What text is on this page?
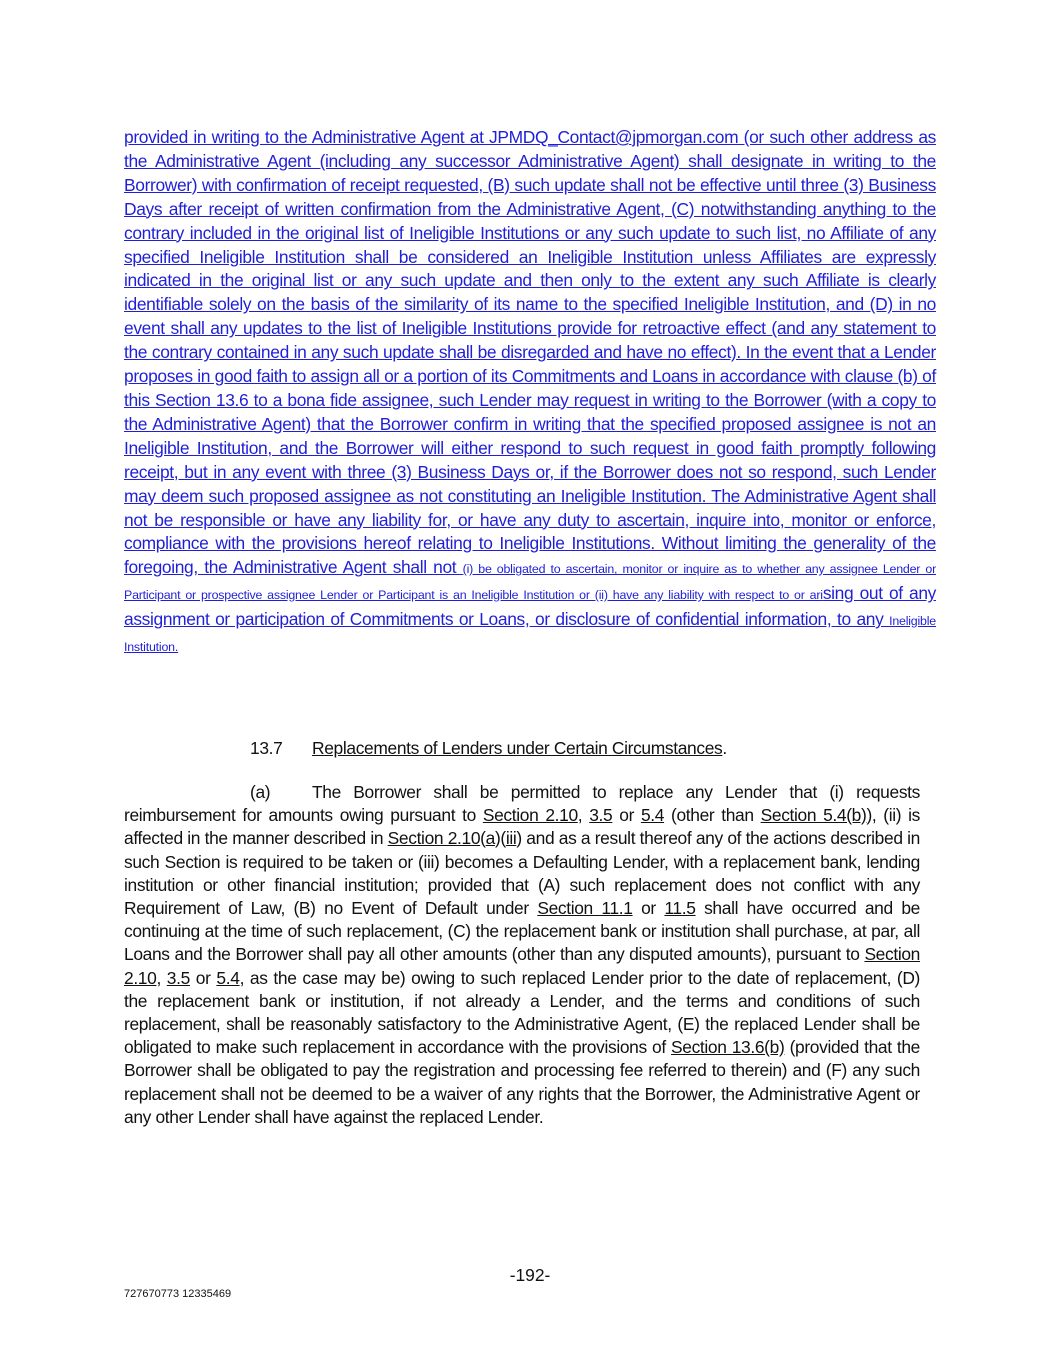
provided in writing to the Administrative Agent at JPMDQ_Contact@jpmorgan.com (or such other address as the Administrative Agent (including any successor Administrative Agent) shall designate in writing to the Borrower) with confirmation of receipt requested, (B) such update shall not be effective until three (3) Business Days after receipt of written confirmation from the Administrative Agent, (C) notwithstanding anything to the contrary included in the original list of Ineligible Institutions or any such update to such list, no Affiliate of any specified Ineligible Institution shall be considered an Ineligible Institution unless Affiliates are expressly indicated in the original list or any such update and then only to the extent any such Affiliate is clearly identifiable solely on the basis of the similarity of its name to the specified Ineligible Institution, and (D) in no event shall any updates to the list of Ineligible Institutions provide for retroactive effect (and any statement to the contrary contained in any such update shall be disregarded and have no effect). In the event that a Lender proposes in good faith to assign all or a portion of its Commitments and Loans in accordance with clause (b) of this Section 13.6 to a bona fide assignee, such Lender may request in writing to the Borrower (with a copy to the Administrative Agent) that the Borrower confirm in writing that the specified proposed assignee is not an Ineligible Institution, and the Borrower will either respond to such request in good faith promptly following receipt, but in any event with three (3) Business Days or, if the Borrower does not so respond, such Lender may deem such proposed assignee as not constituting an Ineligible Institution. The Administrative Agent shall not be responsible or have any liability for, or have any duty to ascertain, inquire into, monitor or enforce, compliance with the provisions hereof relating to Ineligible Institutions. Without limiting the generality of the foregoing, the Administrative Agent shall not (i) be obligated to ascertain, monitor or inquire as to whether any assignee Lender or Participant or prospective assignee Lender or Participant is an Ineligible Institution or (ii) have any liability with respect to or arising out of any assignment or participation of Commitments or Loans, or disclosure of confidential information, to any Ineligible Institution.
13.7 Replacements of Lenders under Certain Circumstances.
(a) The Borrower shall be permitted to replace any Lender that (i) requests reimbursement for amounts owing pursuant to Section 2.10, 3.5 or 5.4 (other than Section 5.4(b)), (ii) is affected in the manner described in Section 2.10(a)(iii) and as a result thereof any of the actions described in such Section is required to be taken or (iii) becomes a Defaulting Lender, with a replacement bank, lending institution or other financial institution; provided that (A) such replacement does not conflict with any Requirement of Law, (B) no Event of Default under Section 11.1 or 11.5 shall have occurred and be continuing at the time of such replacement, (C) the replacement bank or institution shall purchase, at par, all Loans and the Borrower shall pay all other amounts (other than any disputed amounts), pursuant to Section 2.10, 3.5 or 5.4, as the case may be) owing to such replaced Lender prior to the date of replacement, (D) the replacement bank or institution, if not already a Lender, and the terms and conditions of such replacement, shall be reasonably satisfactory to the Administrative Agent, (E) the replaced Lender shall be obligated to make such replacement in accordance with the provisions of Section 13.6(b) (provided that the Borrower shall be obligated to pay the registration and processing fee referred to therein) and (F) any such replacement shall not be deemed to be a waiver of any rights that the Borrower, the Administrative Agent or any other Lender shall have against the replaced Lender.
-192-
727670773 12335469
